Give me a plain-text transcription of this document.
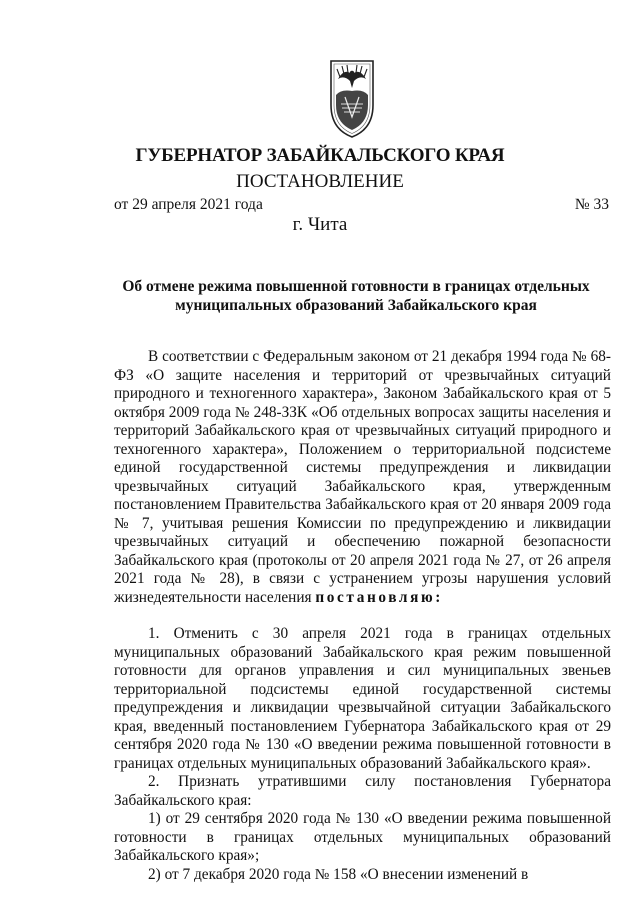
ГУБЕРНАТОР ЗАБАЙКАЛЬСКОГО КРАЯ
ПОСТАНОВЛЕНИЕ
от 29 апреля 2021 года	№ 33
г. Чита
Об отмене режима повышенной готовности в границах отдельных муниципальных образований Забайкальского края

В соответствии с Федеральным законом от 21 декабря 1994 года № 68-ФЗ «О защите населения и территорий от чрезвычайных ситуаций природного и техногенного характера», Законом Забайкальского края от 5 октября 2009 года № 248-ЗЗК «Об отдельных вопросах защиты населения и территорий Забайкальского края от чрезвычайных ситуаций природного и техногенного характера», Положением о территориальной подсистеме единой государственной системы предупреждения и ликвидации чрезвычайных ситуаций Забайкальского края, утвержденным постановлением Правительства Забайкальского края от 20 января 2009 года № 7, учитывая решения Комиссии по предупреждению и ликвидации чрезвычайных ситуаций и обеспечению пожарной безопасности Забайкальского края (протоколы от 20 апреля 2021 года № 27, от 26 апреля 2021 года № 28), в связи с устранением угрозы нарушения условий жизнедеятельности населения постановляю:

1. Отменить с 30 апреля 2021 года в границах отдельных муниципальных образований Забайкальского края режим повышенной готовности для органов управления и сил муниципальных звеньев территориальной подсистемы единой государственной системы предупреждения и ликвидации чрезвычайной ситуации Забайкальского края, введенный постановлением Губернатора Забайкальского края от 29 сентября 2020 года № 130 «О введении режима повышенной готовности в границах отдельных муниципальных образований Забайкальского края».

2. Признать утратившими силу постановления Губернатора Забайкальского края:

1) от 29 сентября 2020 года № 130 «О введении режима повышенной готовности в границах отдельных муниципальных образований Забайкальского края»;

2) от 7 декабря 2020 года № 158 «О внесении изменений в
